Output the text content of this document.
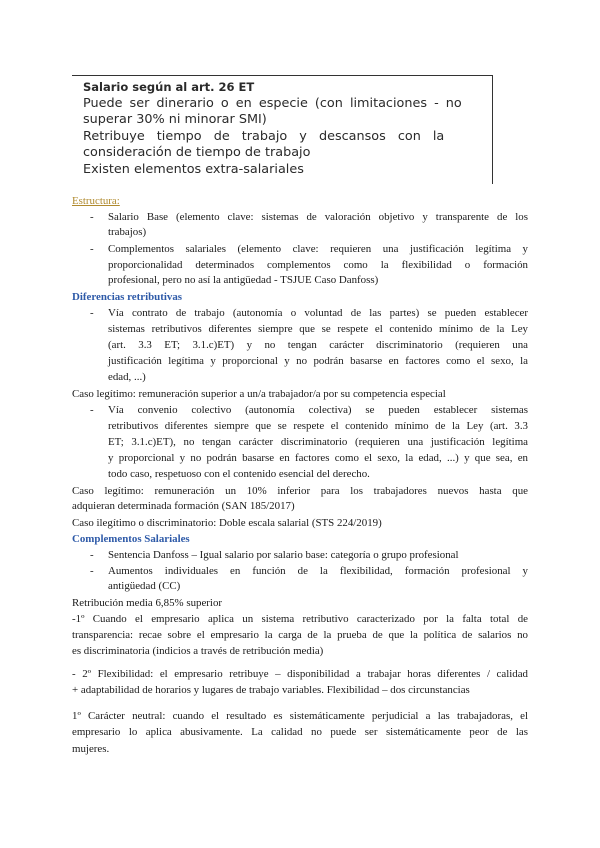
Salario según al art. 26 ET
Puede ser dinerario o en especie (con limitaciones - no
superar 30% ni minorar SMI)
Retribuye tiempo de trabajo y descansos con la
consideración de tiempo de trabajo
Existen elementos extra-salariales
Estructura:
- Salario Base (elemento clave: sistemas de valoración objetivo y transparente de los
trabajos)
- Complementos salariales (elemento clave: requieren una justificación legítima y
proporcionalidad determinados complementos como la flexibilidad o formación
profesional, pero no así la antigüedad - TSJUE Caso Danfoss)
Diferencias retributivas
- Vía contrato de trabajo (autonomía o voluntad de las partes) se pueden establecer
sistemas retributivos diferentes siempre que se respete el contenido mínimo de la Ley
(art. 3.3 ET; 3.1.c)ET) y no tengan carácter discriminatorio (requieren una
justificación legítima y proporcional y no podrán basarse en factores como el sexo, la
edad, ...)
Caso legítimo: remuneración superior a un/a trabajador/a por su competencia especial
- Vía convenio colectivo (autonomía colectiva) se pueden establecer sistemas
retributivos diferentes siempre que se respete el contenido mínimo de la Ley (art. 3.3
ET; 3.1.c)ET), no tengan carácter discriminatorio (requieren una justificación legítima
y proporcional y no podrán basarse en factores como el sexo, la edad, ...) y que sea, en
todo caso, respetuoso con el contenido esencial del derecho.
Caso legítimo: remuneración un 10% inferior para los trabajadores nuevos hasta que
adquieran determinada formación (SAN 185/2017)
Caso ilegítimo o discriminatorio: Doble escala salarial (STS 224/2019)
Complementos Salariales
- Sentencia Danfoss – Igual salario por salario base: categoría o grupo profesional
- Aumentos individuales en función de la flexibilidad, formación profesional y
antigüedad (CC)
Retribución media 6,85% superior
-1º Cuando el empresario aplica un sistema retributivo caracterizado por la falta total de
transparencia: recae sobre el empresario la carga de la prueba de que la política de salarios no
es discriminatoria (indicios a través de retribución media)
- 2º Flexibilidad: el empresario retribuye – disponibilidad a trabajar horas diferentes / calidad
+ adaptabilidad de horarios y lugares de trabajo variables. Flexibilidad – dos circunstancias
1º Carácter neutral: cuando el resultado es sistemáticamente perjudicial a las trabajadoras, el
empresario lo aplica abusivamente. La calidad no puede ser sistemáticamente peor de las
mujeres.
